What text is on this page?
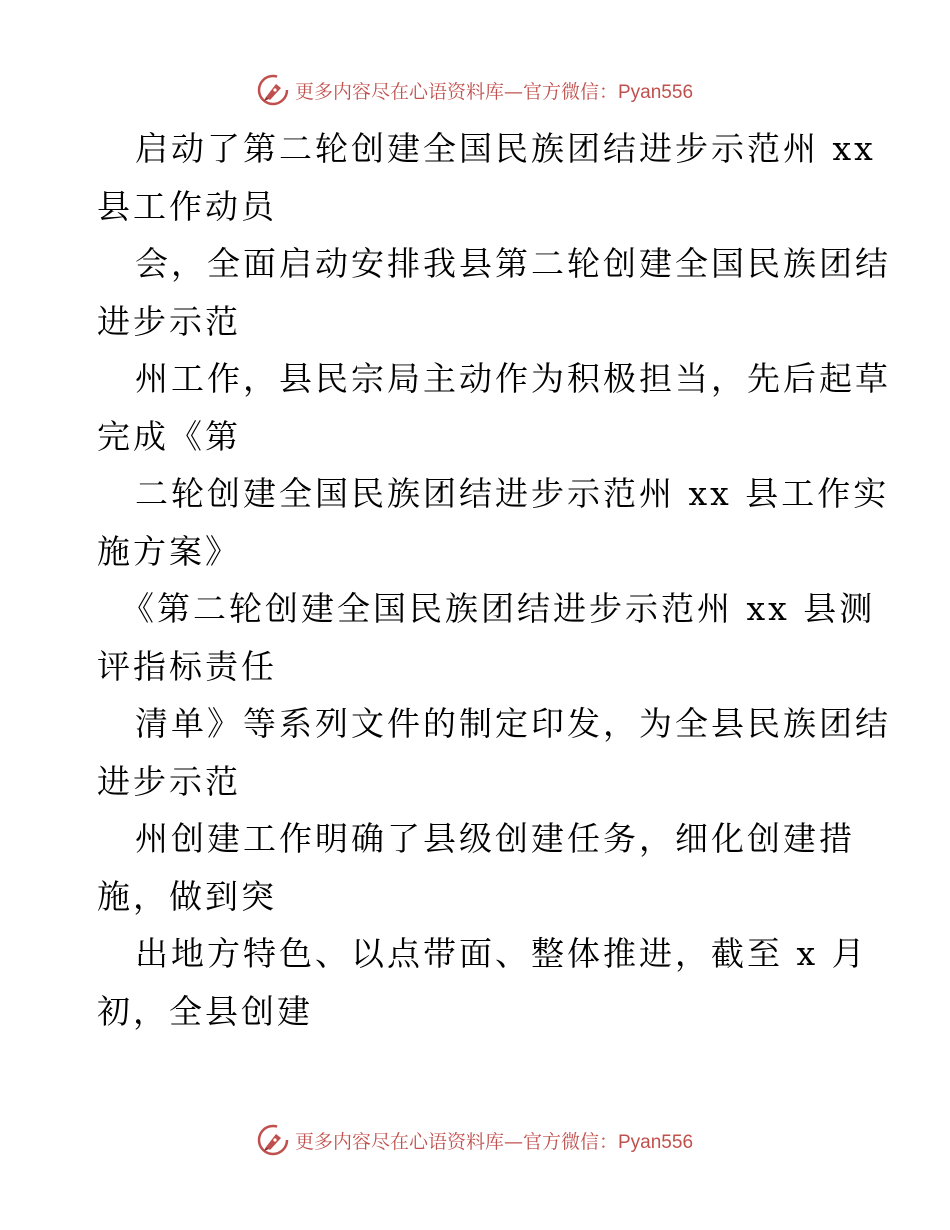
更多内容尽在心语资料库—官方微信：Pyan556
启动了第二轮创建全国民族团结进步示范州 xx
县工作动员
会，全面启动安排我县第二轮创建全国民族团结
进步示范
州工作，县民宗局主动作为积极担当，先后起草
完成《第
二轮创建全国民族团结进步示范州 xx 县工作实
施方案》
《第二轮创建全国民族团结进步示范州 xx 县测
评指标责任
清单》等系列文件的制定印发，为全县民族团结
进步示范
州创建工作明确了县级创建任务，细化创建措
施，做到突
出地方特色、以点带面、整体推进，截至 x 月
初，全县创建
更多内容尽在心语资料库—官方微信：Pyan556
